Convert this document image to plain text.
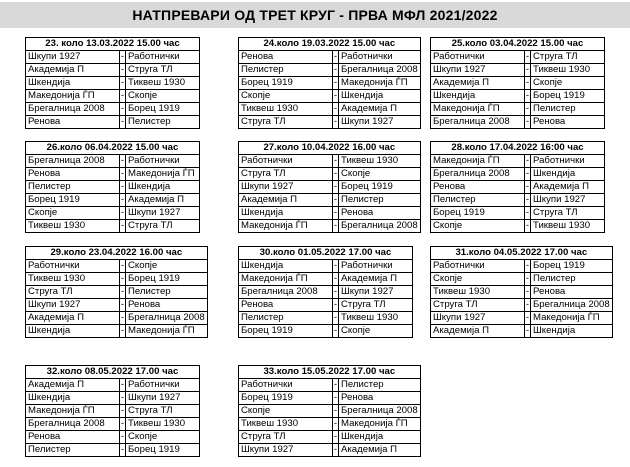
НАТПРЕВАРИ ОД ТРЕТ КРУГ - ПРВА МФЛ 2021/2022
23. коло 13.03.2022 15.00 час		
Шкупи 1927	-	Работнички
Академија П	-	Струга ТЛ
Шкендија	-	Тиквеш 1930
Македонија ЃП	-	Скопје
Брегалница 2008	-	Борец 1919
Ренова	-	Пелистер
24.коло 19.03.2022 15.00 час		
Ренова	-	Работнички
Пелистер	-	Брегалница 2008
Борец 1919	-	Македонија ЃП
Скопје	-	Шкендија
Тиквеш 1930	-	Академија П
Струга ТЛ	-	Шкупи 1927
25.коло 03.04.2022 15.00 час		
Работнички	-	Струга ТЛ
Шкупи 1927	-	Тиквеш 1930
Академија П	-	Скопје
Шкендија	-	Борец 1919
Македонија ЃП	-	Пелистер
Брегалница 2008	-	Ренова
26.коло 06.04.2022 15.00 час		
Брегалница 2008	-	Работнички
Ренова	-	Македонија ЃП
Пелистер	-	Шкендија
Борец 1919	-	Академија П
Скопје	-	Шкупи 1927
Тиквеш 1930	-	Струга ТЛ
27.коло 10.04.2022 16.00 час		
Работнички	-	Тиквеш 1930
Струга ТЛ	-	Скопје
Шкупи 1927	-	Борец 1919
Академија П	-	Пелистер
Шкендија	-	Ренова
Македонија ЃП	-	Брегалница 2008
28.коло 17.04.2022 16:00 час		
Македонија ЃП	-	Работнички
Брегалница 2008	-	Шкендија
Ренова	-	Академија П
Пелистер	-	Шкупи 1927
Борец 1919	-	Струга ТЛ
Скопје	-	Тиквеш 1930
29.коло 23.04.2022 16.00 час		
Работнички	-	Скопје
Тиквеш 1930	-	Борец 1919
Струга ТЛ	-	Пелистер
Шкупи 1927	-	Ренова
Академија П	-	Брегалница 2008
Шкендија	-	Македонија ЃП
30.коло 01.05.2022 17.00 час		
Шкендија	-	Работнички
Македонија ЃП	-	Академија П
Брегалница 2008	-	Шкупи 1927
Ренова	-	Струга ТЛ
Пелистер	-	Тиквеш 1930
Борец 1919	-	Скопје
31.коло 04.05.2022 17.00 час		
Работнички	-	Борец 1919
Скопје	-	Пелистер
Тиквеш 1930	-	Ренова
Струга ТЛ	-	Брегалница 2008
Шкупи 1927	-	Македонија ЃП
Академија П	-	Шкендија
32.коло 08.05.2022 17.00 час		
Академија П	-	Работнички
Шкендија	-	Шкупи 1927
Македонија ЃП	-	Струга ТЛ
Брегалница 2008	-	Тиквеш 1930
Ренова	-	Скопје
Пелистер	-	Борец 1919
33.коло 15.05.2022 17.00 час		
Работнички	-	Пелистер
Борец 1919	-	Ренова
Скопје	-	Брегалница 2008
Тиквеш 1930	-	Македонија ЃП
Струга ТЛ	-	Шкендија
Шкупи 1927	-	Академија П
